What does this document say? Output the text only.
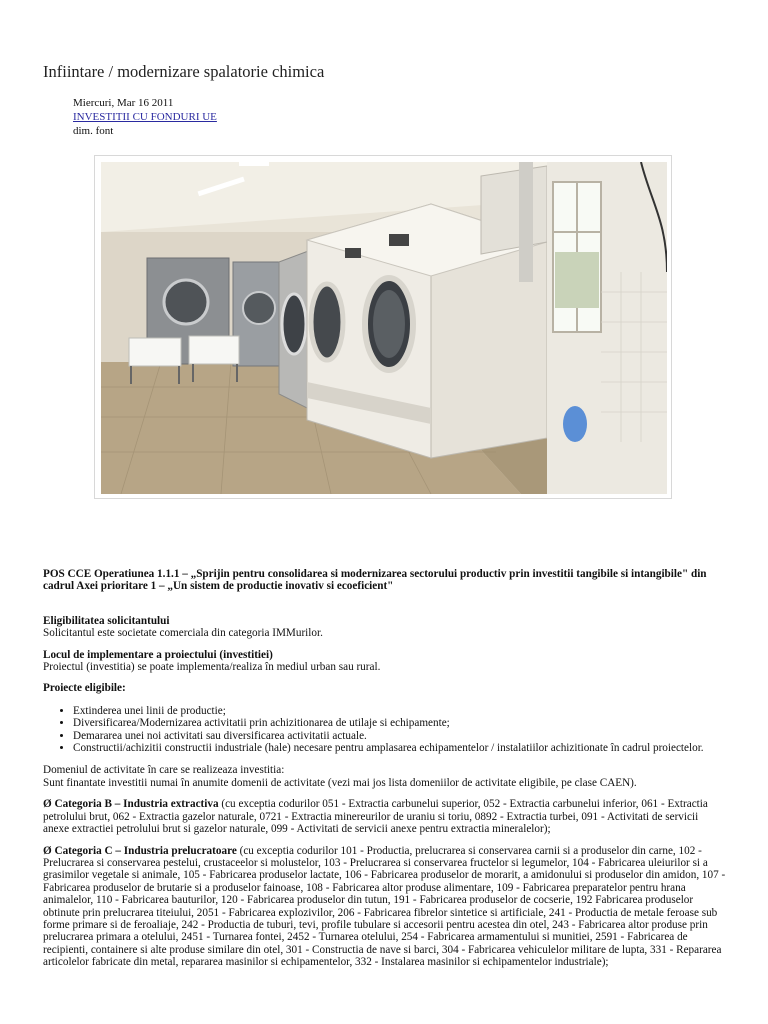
Infiintare / modernizare spalatorie chimica
Miercuri, Mar 16 2011
INVESTITII CU FONDURI UE
dim. font

POS CCE Operatiunea 1.1.1 – „Sprijin pentru consolidarea si modernizarea sectorului productiv prin investitii tangibile si intangibile" din cadrul Axei prioritare 1 – „Un sistem de productie inovativ si ecoeficient"

Eligibilitatea solicitantului
Solicitantul este societate comerciala din categoria IMMurilor.

Locul de implementare a proiectului (investitiei)
Proiectul (investitia) se poate implementa/realiza în mediul urban sau rural.

Proiecte eligibile:

• Extinderea unei linii de productie;
• Diversificarea/Modernizarea activitatii prin achizitionarea de utilaje si echipamente;
• Demararea unei noi activitati sau diversificarea activitatii actuale.
• Constructii/achizitii constructii industriale (hale) necesare pentru amplasarea echipamentelor / instalatiilor achizitionate în cadrul proiectelor.

Domeniul de activitate în care se realizeaza investitia:
Sunt finantate investitii numai în anumite domenii de activitate (vezi mai jos lista domeniilor de activitate eligibile, pe clase CAEN).

Ø Categoria B – Industria extractiva (cu exceptia codurilor 051 - Extractia carbunelui superior, 052 - Extractia carbunelui inferior, 061 - Extractia petrolului brut, 062 - Extractia gazelor naturale, 0721 - Extractia minereurilor de uraniu si toriu, 0892 - Extractia turbei, 091 - Activitati de servicii anexe extractiei petrolului brut si gazelor naturale, 099 - Activitati de servicii anexe pentru extractia mineralelor);

Ø Categoria C – Industria prelucratoare (cu exceptia codurilor 101 - Productia, prelucrarea si conservarea carnii si a produselor din carne, 102 - Prelucrarea si conservarea pestelui, crustaceelor si molustelor, 103 - Prelucrarea si conservarea fructelor si legumelor, 104 - Fabricarea uleiurilor si a grasimilor vegetale si animale, 105 - Fabricarea produselor lactate, 106 - Fabricarea produselor de morarit, a amidonului si produselor din amidon, 107 - Fabricarea produselor de brutarie si a produselor fainoase, 108 - Fabricarea altor produse alimentare, 109 - Fabricarea preparatelor pentru hrana animalelor, 110 - Fabricarea bauturilor, 120 - Fabricarea produselor din tutun, 191 - Fabricarea produselor de cocserie, 192 Fabricarea produselor obtinute prin prelucrarea titeiului, 2051 - Fabricarea explozivilor, 206 - Fabricarea fibrelor sintetice si artificiale, 241 - Productia de metale feroase sub forme primare si de feroaliaje, 242 - Productia de tuburi, tevi, profile tubulare si accesorii pentru acestea din otel, 243 - Fabricarea altor produse prin prelucrarea primara a otelului, 2451 - Turnarea fontei, 2452 - Turnarea otelului, 254 - Fabricarea armamentului si munitiei, 2591 - Fabricarea de recipienti, containere si alte produse similare din otel, 301 - Constructia de nave si barci, 304 - Fabricarea vehiculelor militare de lupta, 331 - Repararea articolelor fabricate din metal, repararea masinilor si echipamentelor, 332 - Instalarea masinilor si echipamentelor industriale);
